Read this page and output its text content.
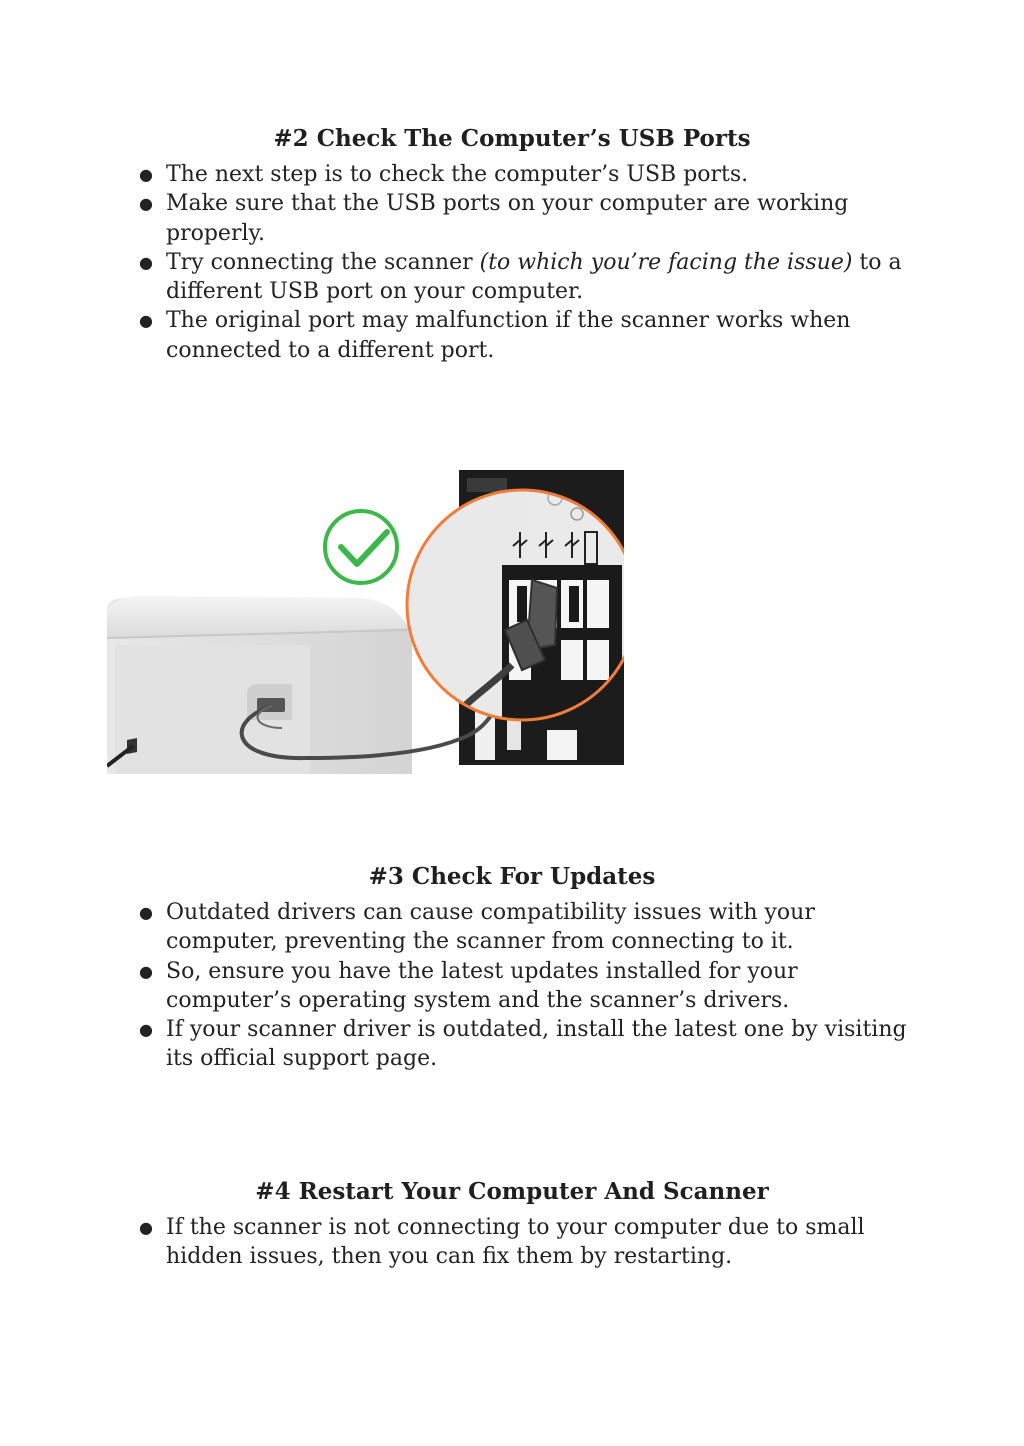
#2 Check The Computer’s USB Ports
● The next step is to check the computer’s USB ports.
● Make sure that the USB ports on your computer are working properly.
● Try connecting the scanner (to which you’re facing the issue) to a different USB port on your computer.
● The original port may malfunction if the scanner works when connected to a different port.
#3 Check For Updates
● Outdated drivers can cause compatibility issues with your computer, preventing the scanner from connecting to it.
● So, ensure you have the latest updates installed for your computer’s operating system and the scanner’s drivers.
● If your scanner driver is outdated, install the latest one by visiting its official support page.
#4 Restart Your Computer And Scanner
● If the scanner is not connecting to your computer due to small hidden issues, then you can fix them by restarting.
